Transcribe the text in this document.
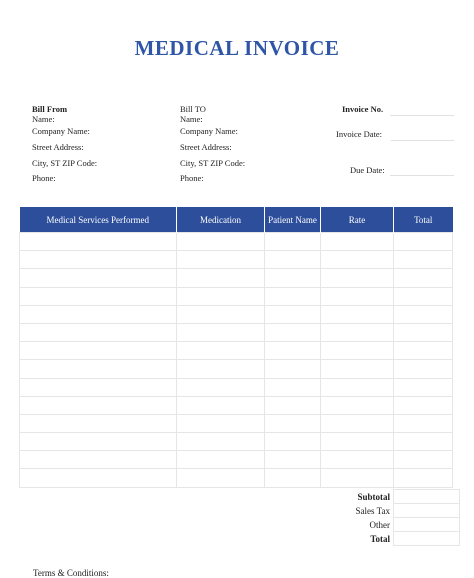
MEDICAL INVOICE
Bill From
Name:
Company Name:
Street Address:
City, ST ZIP Code:
Phone:
Bill TO
Name:
Company Name:
Street Address:
City, ST ZIP Code:
Phone:
Invoice No.
Invoice Date:
Due Date:
Medical Services Performed	Medication	Patient Name	Rate	Total

Subtotal	
Sales Tax	
Other	
Total	
Terms & Conditions:
